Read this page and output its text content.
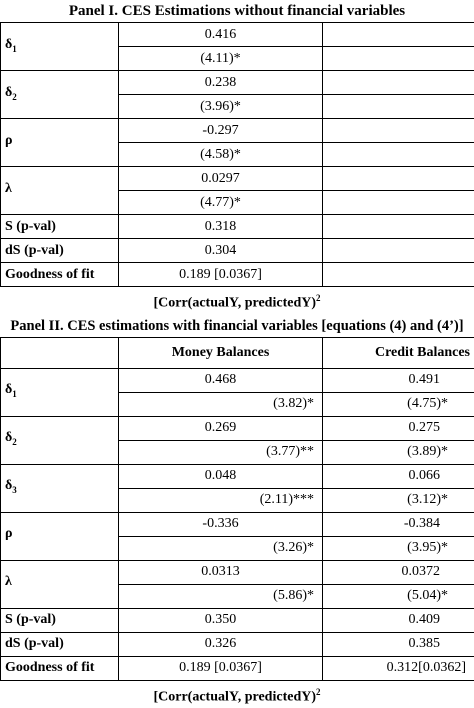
Panel I. CES Estimations without financial variables
$\delta_1$	0.416	
	(4.11)*	
$\delta_2$	0.238	
	(3.96)*	
ρ	-0.297	
	(4.58)*	
λ	0.0297	
	(4.77)*	
S (p-val)	0.318	
dS (p-val)	0.304	
Goodness of fit	0.189 [0.0367]	
[Corr(actualY, predictedY)$^2$
Panel II. CES estimations with financial variables [equations (4) and (4’)]
	Money Balances	Credit Balances
$\delta_1$	0.468	0.491
	(3.82)*	(4.75)*
$\delta_2$	0.269	0.275
	(3.77)**	(3.89)*
$\delta_3$	0.048	0.066
	(2.11)***	(3.12)*
ρ	-0.336	-0.384
	(3.26)*	(3.95)*
λ	0.0313	0.0372
	(5.86)*	(5.04)*
S (p-val)	0.350	0.409
dS (p-val)	0.326	0.385
Goodness of fit	0.189 [0.0367]	0.312[0.0362]
[Corr(actualY, predictedY)$^2$
